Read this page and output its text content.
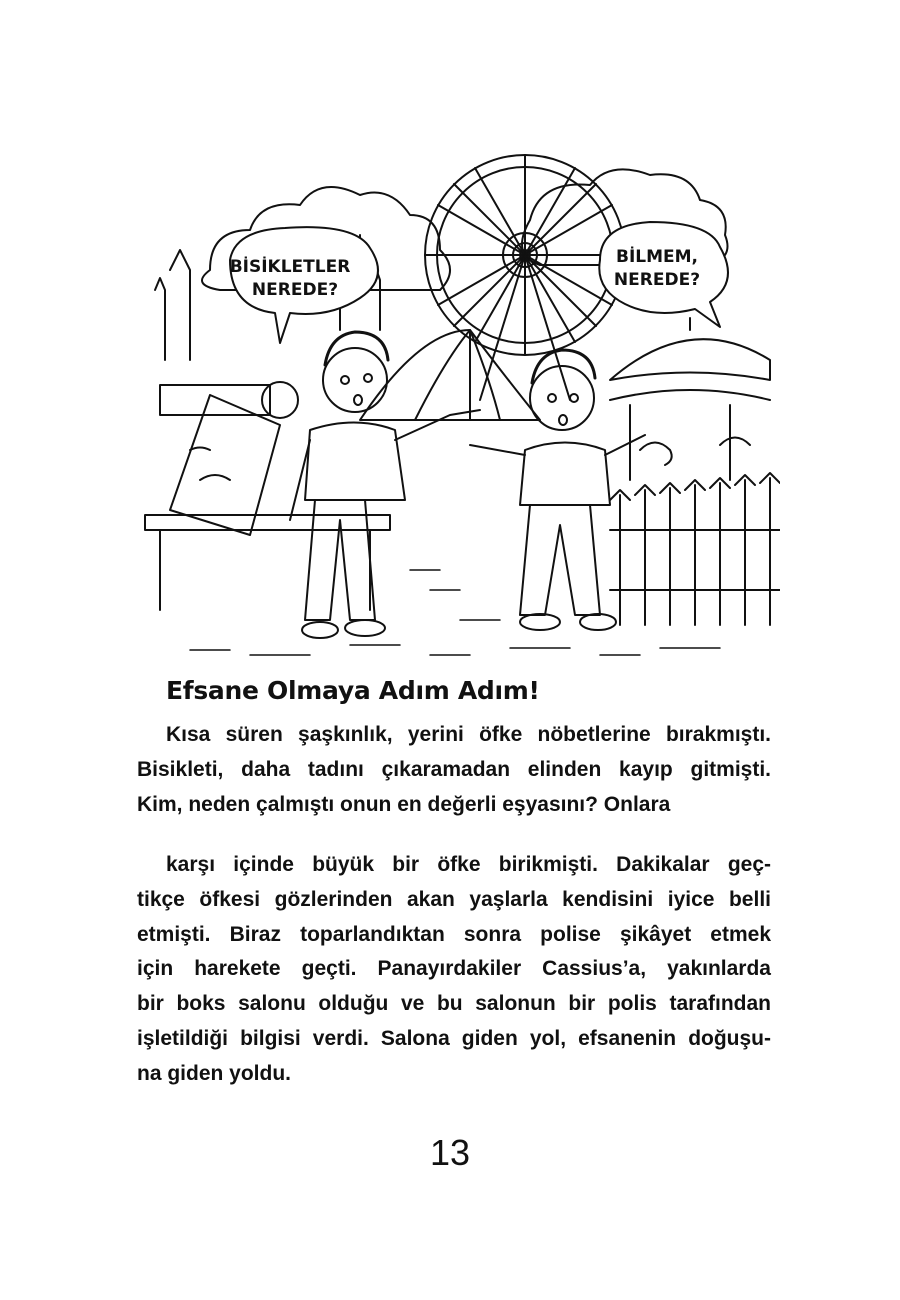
BİSİKLETLER
NEREDE?
BİLMEM,
NEREDE?
Efsane Olmaya Adım Adım!

Kısa süren şaşkınlık, yerini öfke nöbetlerine bırakmıştı.
Bisikleti, daha tadını çıkaramadan elinden kayıp gitmişti.
Kim, neden çalmıştı onun en değerli eşyasını? Onlara

karşı içinde büyük bir öfke birikmişti. Dakikalar geç-
tikçe öfkesi gözlerinden akan yaşlarla kendisini iyice belli
etmişti. Biraz toparlandıktan sonra polise şikâyet etmek
için harekete geçti. Panayırdakiler Cassius’a, yakınlarda
bir boks salonu olduğu ve bu salonun bir polis tarafından
işletildiği bilgisi verdi. Salona giden yol, efsanenin doğuşu-
na giden yoldu.

13
